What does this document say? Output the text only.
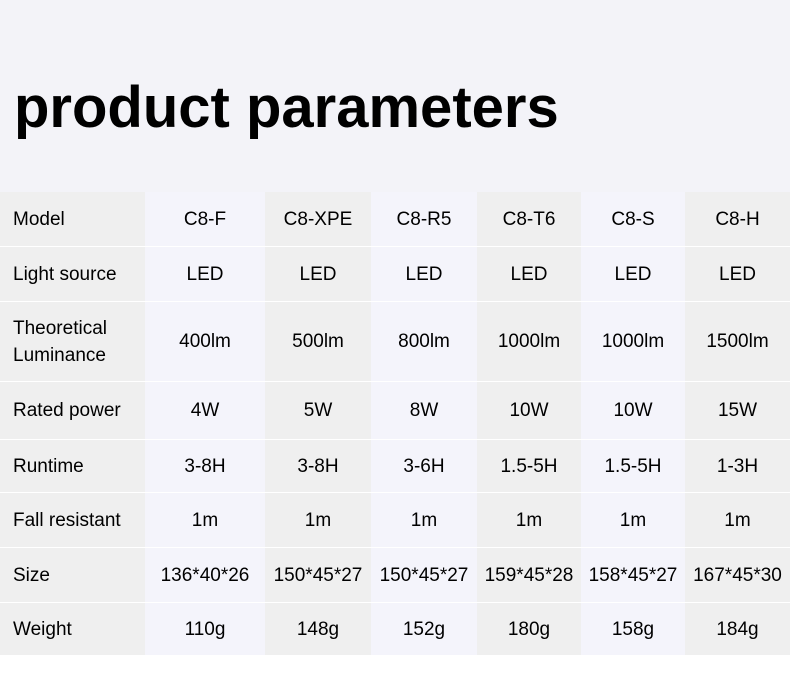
product parameters
Model	C8-F	C8-XPE	C8-R5	C8-T6	C8-S	C8-H
Light source	LED	LED	LED	LED	LED	LED
Theoretical
Luminance	400lm	500lm	800lm	1000lm	1000lm	1500lm
Rated power	4W	5W	8W	10W	10W	15W
Runtime	3-8H	3-8H	3-6H	1.5-5H	1.5-5H	1-3H
Fall resistant	1m	1m	1m	1m	1m	1m
Size	136*40*26	150*45*27	150*45*27	159*45*28	158*45*27	167*45*30
Weight	110g	148g	152g	180g	158g	184g
